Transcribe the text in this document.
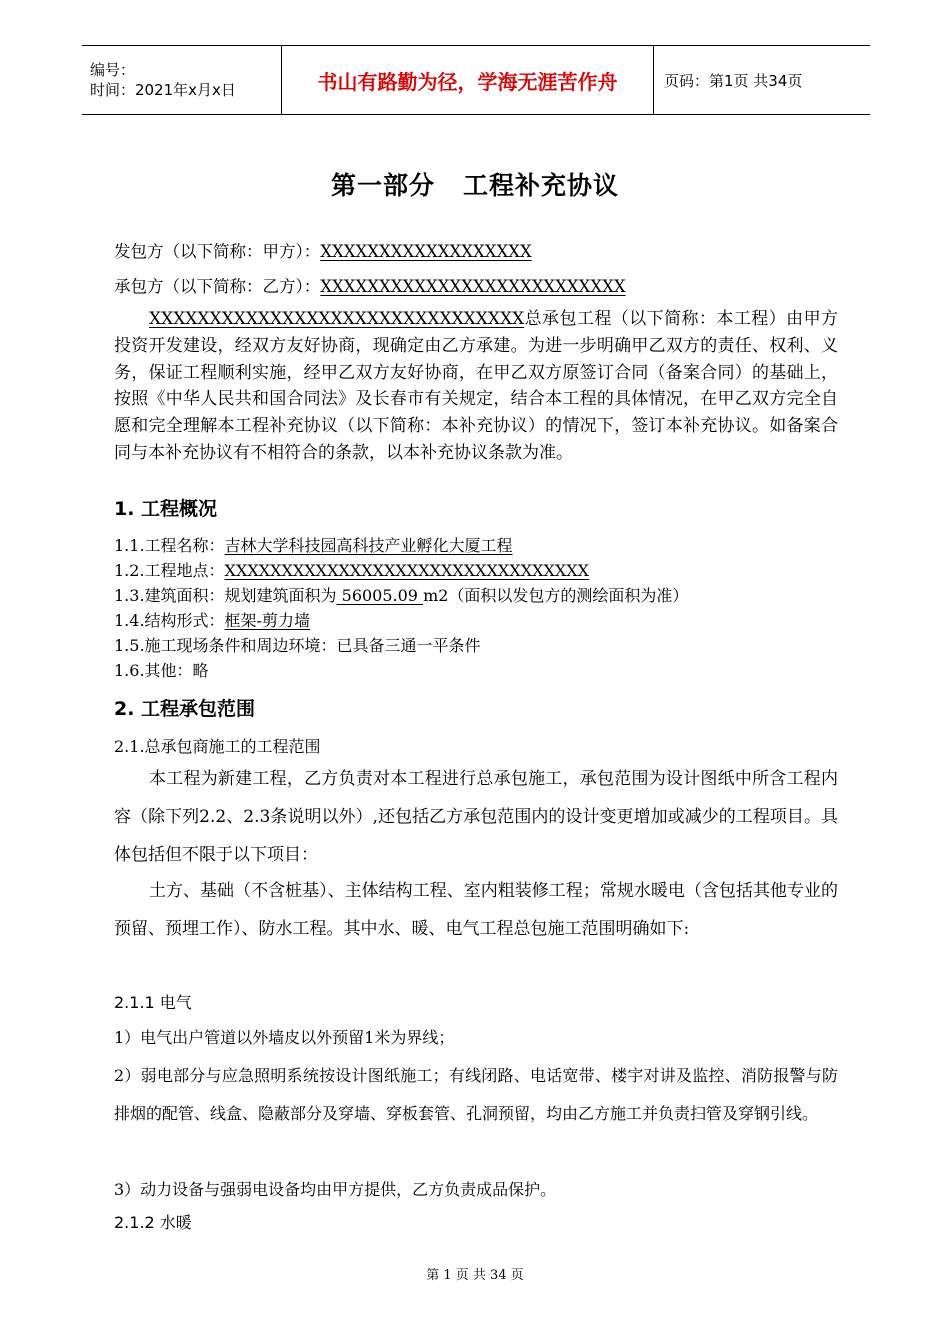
编号：
时间：2021年x月x日	书山有路勤为径，学海无涯苦作舟	页码：第1页 共34页
第一部分 工程补充协议
发包方（以下简称：甲方）：XXXXXXXXXXXXXXXXXX
承包方（以下简称：乙方）：XXXXXXXXXXXXXXXXXXXXXXXXXX
XXXXXXXXXXXXXXXXXXXXXXXXXXXXXXX总承包工程（以下简称：本工程）由甲方投资开发建设，经双方友好协商，现确定由乙方承建。为进一步明确甲乙双方的责任、权利、义务，保证工程顺利实施，经甲乙双方友好协商，在甲乙双方原签订合同（备案合同）的基础上，按照《中华人民共和国合同法》及长春市有关规定，结合本工程的具体情况，在甲乙双方完全自愿和完全理解本工程补充协议（以下简称：本补充协议）的情况下，签订本补充协议。如备案合同与本补充协议有不相符合的条款，以本补充协议条款为准。
1. 工程概况
1.1.工程名称：吉林大学科技园高科技产业孵化大厦工程
1.2.工程地点：XXXXXXXXXXXXXXXXXXXXXXXXXXXXXXXX
1.3.建筑面积：规划建筑面积为 56005.09 m2（面积以发包方的测绘面积为准）
1.4.结构形式：框架-剪力墙
1.5.施工现场条件和周边环境：已具备三通一平条件
1.6.其他：略
2. 工程承包范围
2.1.总承包商施工的工程范围
本工程为新建工程，乙方负责对本工程进行总承包施工，承包范围为设计图纸中所含工程内容（除下列2.2、2.3条说明以外）,还包括乙方承包范围内的设计变更增加或减少的工程项目。具体包括但不限于以下项目：
土方、基础（不含桩基）、主体结构工程、室内粗装修工程；常规水暖电（含包括其他专业的预留、预埋工作）、防水工程。其中水、暖、电气工程总包施工范围明确如下:
2.1.1 电气
1）电气出户管道以外墙皮以外预留1米为界线；
2）弱电部分与应急照明系统按设计图纸施工；有线闭路、电话宽带、楼宇对讲及监控、消防报警与防排烟的配管、线盒、隐蔽部分及穿墙、穿板套管、孔洞预留，均由乙方施工并负责扫管及穿钢引线。
3）动力设备与强弱电设备均由甲方提供，乙方负责成品保护。
2.1.2 水暖
第 1 页 共 34 页
